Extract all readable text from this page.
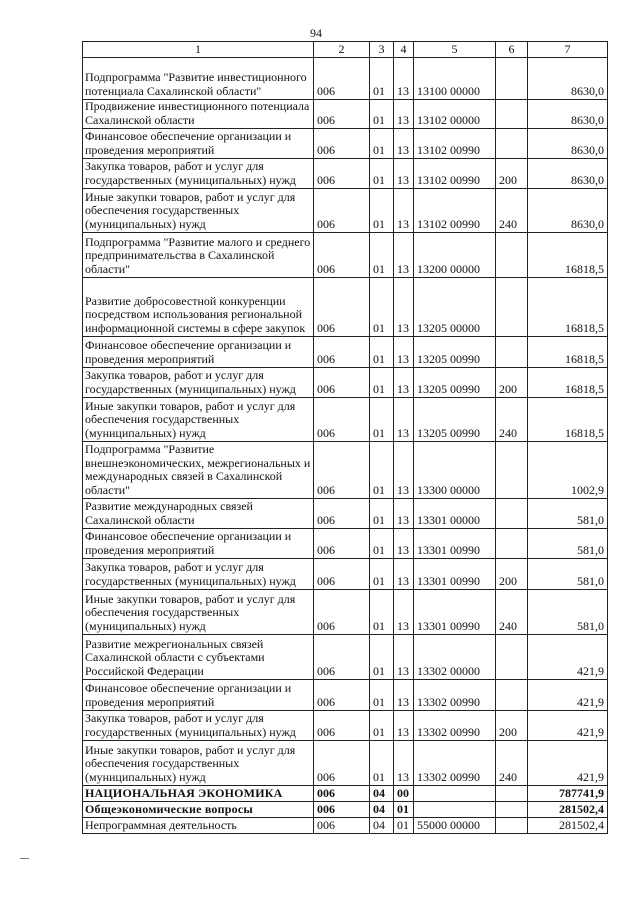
94
1	2	3	4	5	6	7
Подпрограмма "Развитие инвестиционного потенциала Сахалинской области"	006	01	13	13100 00000		8630,0
Продвижение инвестиционного потенциала Сахалинской области	006	01	13	13102 00000		8630,0
Финансовое обеспечение организации и проведения мероприятий	006	01	13	13102 00990		8630,0
Закупка товаров, работ и услуг для государственных (муниципальных) нужд	006	01	13	13102 00990	200	8630,0
Иные закупки товаров, работ и услуг для обеспечения государственных (муниципальных) нужд	006	01	13	13102 00990	240	8630,0
Подпрограмма "Развитие малого и среднего предпринимательства в Сахалинской области"	006	01	13	13200 00000		16818,5
Развитие добросовестной конкуренции посредством использования региональной информационной системы в сфере закупок	006	01	13	13205 00000		16818,5
Финансовое обеспечение организации и проведения мероприятий	006	01	13	13205 00990		16818,5
Закупка товаров, работ и услуг для государственных (муниципальных) нужд	006	01	13	13205 00990	200	16818,5
Иные закупки товаров, работ и услуг для обеспечения государственных (муниципальных) нужд	006	01	13	13205 00990	240	16818,5
Подпрограмма "Развитие внешнеэкономических, межрегиональных и международных связей в Сахалинской области"	006	01	13	13300 00000		1002,9
Развитие международных связей Сахалинской области	006	01	13	13301 00000		581,0
Финансовое обеспечение организации и проведения мероприятий	006	01	13	13301 00990		581,0
Закупка товаров, работ и услуг для государственных (муниципальных) нужд	006	01	13	13301 00990	200	581,0
Иные закупки товаров, работ и услуг для обеспечения государственных (муниципальных) нужд	006	01	13	13301 00990	240	581,0
Развитие межрегиональных связей Сахалинской области с субъектами Российской Федерации	006	01	13	13302 00000		421,9
Финансовое обеспечение организации и проведения мероприятий	006	01	13	13302 00990		421,9
Закупка товаров, работ и услуг для государственных (муниципальных) нужд	006	01	13	13302 00990	200	421,9
Иные закупки товаров, работ и услуг для обеспечения государственных (муниципальных) нужд	006	01	13	13302 00990	240	421,9
НАЦИОНАЛЬНАЯ ЭКОНОМИКА	006	04	00			787741,9
Общеэкономические вопросы	006	04	01			281502,4
Непрограммная деятельность	006	04	01	55000 00000		281502,4
